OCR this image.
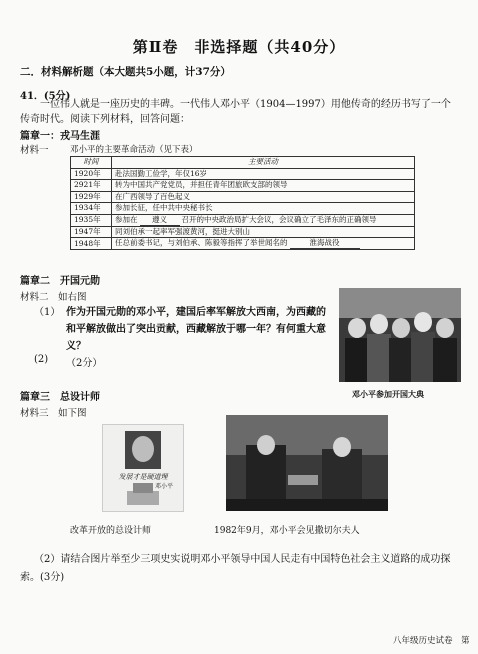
第Ⅱ卷　非选择题（共40分）
二．材料解析题（本大题共5小题，计37分）
41．(5分)
一位伟人就是一座历史的丰碑。一代伟人邓小平（1904—1997）用他传奇的经历书写了一个传奇时代。阅读下列材料，回答问题：
篇章一：戎马生涯
材料一	邓小平的主要革命活动（见下表）
时间	主要活动
1920年	赴法国勤工俭学，年仅16岁
2921年	转为中国共产党党员，并担任青年团旅欧支部的领导
1929年	在广西领导了百色起义
1934年	参加长征，任中共中央秘书长
1935年	参加在 遵义 召开的中央政治局扩大会议，会议确立了毛泽东的正确领导
1947年	同刘伯承一起率军强渡黄河，挺进大别山
1948年	任总前委书记，与刘伯承、陈毅等指挥了举世闻名的 淮海战役
篇章二　开国元勋
材料二　如右图
（1） 作为开国元勋的邓小平，建国后率军解放大西南，为西藏的
和平解放做出了突出贡献，西藏解放于哪一年？有何重大意
义？
(2) （2分）
邓小平参加开国大典
篇章三　总设计师
材料三　如下图
发展才是硬道理
邓小平
改革开放的总设计师	1982年9月，邓小平会见撒切尔夫人
（2）请结合图片举至少三项史实说明邓小平领导中国人民走有中国特色社会主义道路的成功探
索。(3分)
八年级历史试卷　第
